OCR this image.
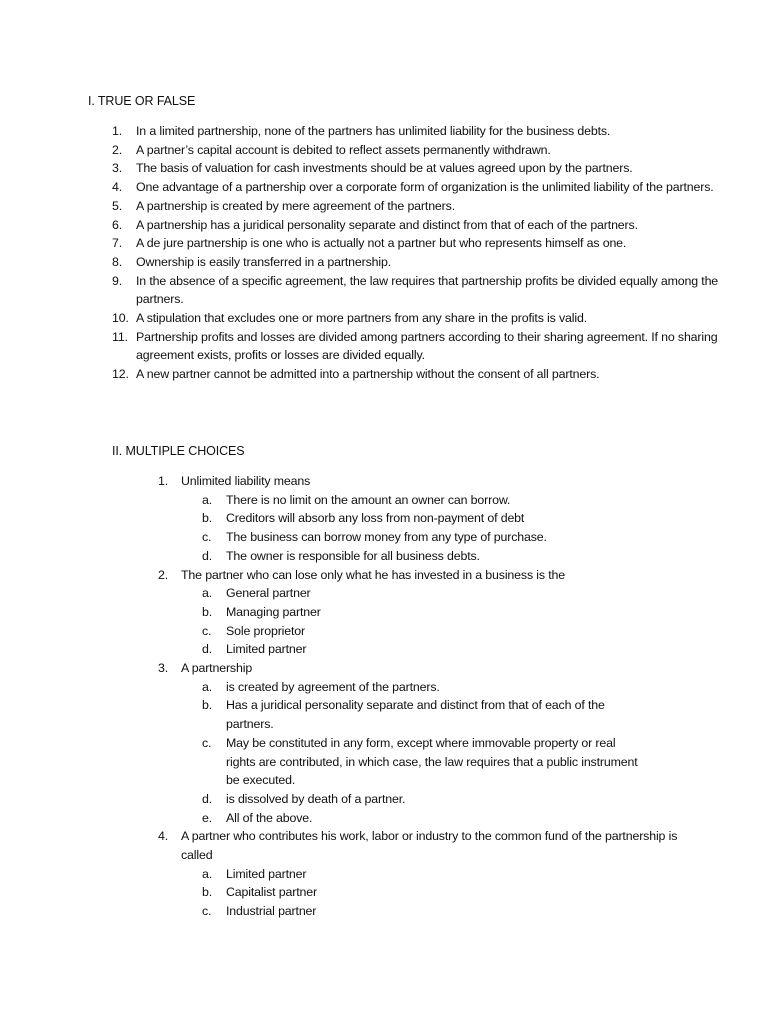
I. TRUE OR FALSE
1. In a limited partnership, none of the partners has unlimited liability for the business debts.
2. A partner’s capital account is debited to reflect assets permanently withdrawn.
3. The basis of valuation for cash investments should be at values agreed upon by the partners.
4. One advantage of a partnership over a corporate form of organization is the unlimited liability of the partners.
5. A partnership is created by mere agreement of the partners.
6. A partnership has a juridical personality separate and distinct from that of each of the partners.
7. A de jure partnership is one who is actually not a partner but who represents himself as one.
8. Ownership is easily transferred in a partnership.
9. In the absence of a specific agreement, the law requires that partnership profits be divided equally among the partners.
10. A stipulation that excludes one or more partners from any share in the profits is valid.
11. Partnership profits and losses are divided among partners according to their sharing agreement. If no sharing agreement exists, profits or losses are divided equally.
12. A new partner cannot be admitted into a partnership without the consent of all partners.
II. MULTIPLE CHOICES
1. Unlimited liability means
a. There is no limit on the amount an owner can borrow.
b. Creditors will absorb any loss from non-payment of debt
c. The business can borrow money from any type of purchase.
d. The owner is responsible for all business debts.
2. The partner who can lose only what he has invested in a business is the
a. General partner
b. Managing partner
c. Sole proprietor
d. Limited partner
3. A partnership
a. is created by agreement of the partners.
b. Has a juridical personality separate and distinct from that of each of the partners.
c. May be constituted in any form, except where immovable property or real rights are contributed, in which case, the law requires that a public instrument be executed.
d. is dissolved by death of a partner.
e. All of the above.
4. A partner who contributes his work, labor or industry to the common fund of the partnership is called
a. Limited partner
b. Capitalist partner
c. Industrial partner
